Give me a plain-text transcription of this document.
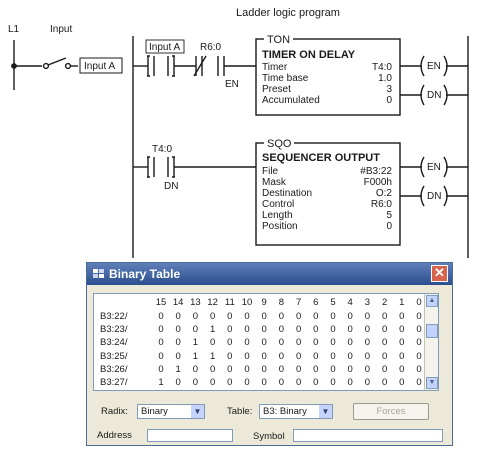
Ladder logic program
L1	Input
Input A
Input A R6:0
EN
TON
TIMER ON DELAY
Timer	T4:0
Time base	1.0
Preset	3
Accumulated	0
EN
DN
T4:0
DN
SQO
SEQUENCER OUTPUT
File	#B3:22
Mask	F000h
Destination	O:2
Control	R6:0
Length	5
Position	0
EN
DN
Binary Table	✕
▲
▼
15 14 13 12 11 10 9	8	7	6	5	4	3	2	1	0
B3:22/	0	0	0	0	0	0	0	0	0	0	0	0	0	0	0	0
B3:23/	0	0	0	1	0	0	0	0	0	0	0	0	0	0	0	0
B3:24/	0	0	1	0	0	0	0	0	0	0	0	0	0	0	0	0
B3:25/	0	0	1	1	0	0	0	0	0	0	0	0	0	0	0	0
B3:26/	0	1	0	0	0	0	0	0	0	0	0	0	0	0	0	0
B3:27/	1	0	0	0	0	0	0	0	0	0	0	0	0	0	0	0
Radix:	Binary	▼	Table:	B3: Binary	▼	Forces
Address	Symbol
